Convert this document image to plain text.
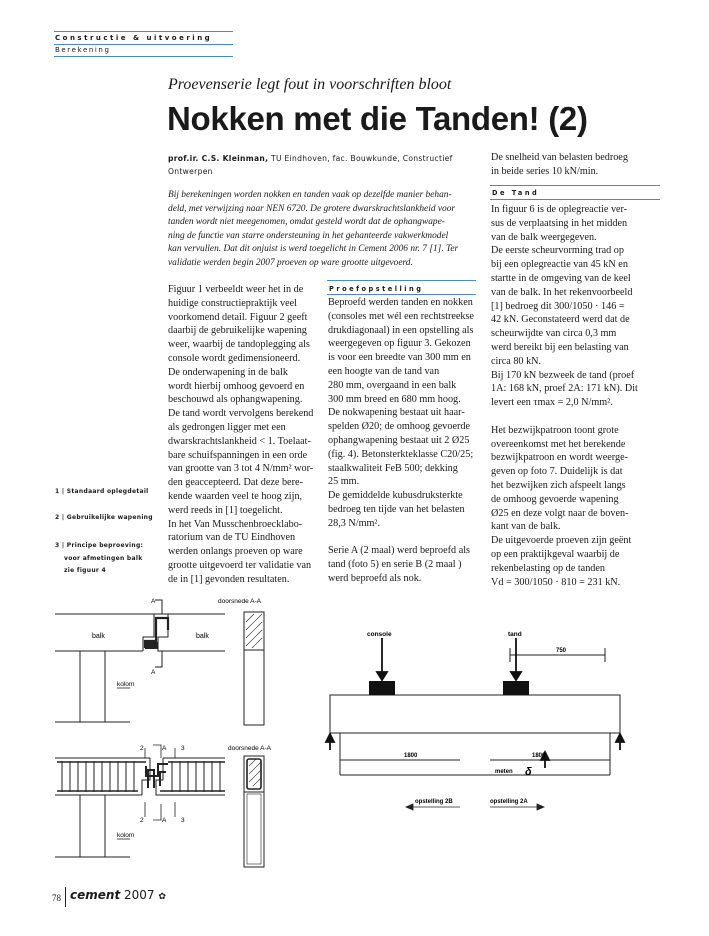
Constructie & uitvoering
Berekening
Proevenserie legt fout in voorschriften bloot
Nokken met die Tanden! (2)
prof.ir. C.S. Kleinman, TU Eindhoven, fac. Bouwkunde, Constructief
Ontwerpen

Bij berekeningen worden nokken en tanden vaak op dezelfde manier behan-

deld, met verwijzing naar NEN 6720. De grotere dwarskrachtslankheid voor

tanden wordt niet meegenomen, omdat gesteld wordt dat de ophangwape-

ning de functie van starre ondersteuning in het gehanteerde vakwerkmodel

kan vervullen. Dat dit onjuist is werd toegelicht in Cement 2006 nr. 7 [1]. Ter

validatie werden begin 2007 proeven op ware grootte uitgevoerd.

Figuur 1 verbeeldt weer het in de

huidige constructiepraktijk veel

voorkomend detail. Figuur 2 geeft

daarbij de gebruikelijke wapening

weer, waarbij de tandoplegging als

console wordt gedimensioneerd.

De onderwapening in de balk

wordt hierbij omhoog gevoerd en

beschouwd als ophangwapening.

De tand wordt vervolgens berekend

als gedrongen ligger met een

dwarskrachtslankheid < 1. Toelaat-

bare schuifspanningen in een orde

van grootte van 3 tot 4 N/mm² wor-

den geaccepteerd. Dat deze bere-

kende waarden veel te hoog zijn,

werd reeds in [1] toegelicht.

In het Van Musschenbroecklabo-

ratorium van de TU Eindhoven

werden onlangs proeven op ware

grootte uitgevoerd ter validatie van

de in [1] gevonden resultaten.

Proefopstelling

Beproefd werden tanden en nokken

(consoles met wél een rechtstreekse

drukdiagonaal) in een opstelling als

weergegeven op figuur 3. Gekozen

is voor een breedte van 300 mm en

een hoogte van de tand van

280 mm, overgaand in een balk

300 mm breed en 680 mm hoog.

De nokwapening bestaat uit haar-

spelden Ø20; de omhoog gevoerde

ophangwapening bestaat uit 2 Ø25

(fig. 4). Betonsterkteklasse C20/25;

staalkwaliteit FeB 500; dekking

25 mm.

De gemiddelde kubusdruksterkte

bedroeg ten tijde van het belasten

28,3 N/mm².

Serie A (2 maal) werd beproefd als

tand (foto 5) en serie B (2 maal )

werd beproefd als nok.

De snelheid van belasten bedroeg

in beide series 10 kN/min.

De Tand

In figuur 6 is de oplegreactie ver-

sus de verplaatsing in het midden

van de balk weergegeven.

De eerste scheurvorming trad op

bij een oplegreactie van 45 kN en

startte in de omgeving van de keel

van de balk. In het rekenvoorbeeld

[1] bedroeg dit 300/1050 · 146 =

42 kN. Geconstateerd werd dat de

scheurwijdte van circa 0,3 mm

werd bereikt bij een belasting van

circa 80 kN.

Bij 170 kN bezweek de tand (proef

1A: 168 kN, proef 2A: 171 kN). Dit

levert een τmax = 2,0 N/mm².

Het bezwijkpatroon toont grote

overeenkomst met het berekende

bezwijkpatroon en wordt weerge-

geven op foto 7. Duidelijk is dat

het bezwijken zich afspeelt langs

de omhoog gevoerde wapening

Ø25 en deze volgt naar de boven-

kant van de balk.

De uitgevoerde proeven zijn geënt

op een praktijkgeval waarbij de

rekenbelasting op de tanden

Vd = 300/1050 · 810 = 231 kN.

1 | Standaard oplegdetail
2 | Gebruikelijke wapening
3 | Principe beproeving:
voor afmetingen balk
zie figuur 4
balk	balk
A
A
doorsnede A-A
kolom
2	A 3
2	A 3
doorsnede A-A
kolom
console	tand
750
1800	1800
meten δ
opstelling 2B	opstelling 2A
78 cement 2007 ✿
